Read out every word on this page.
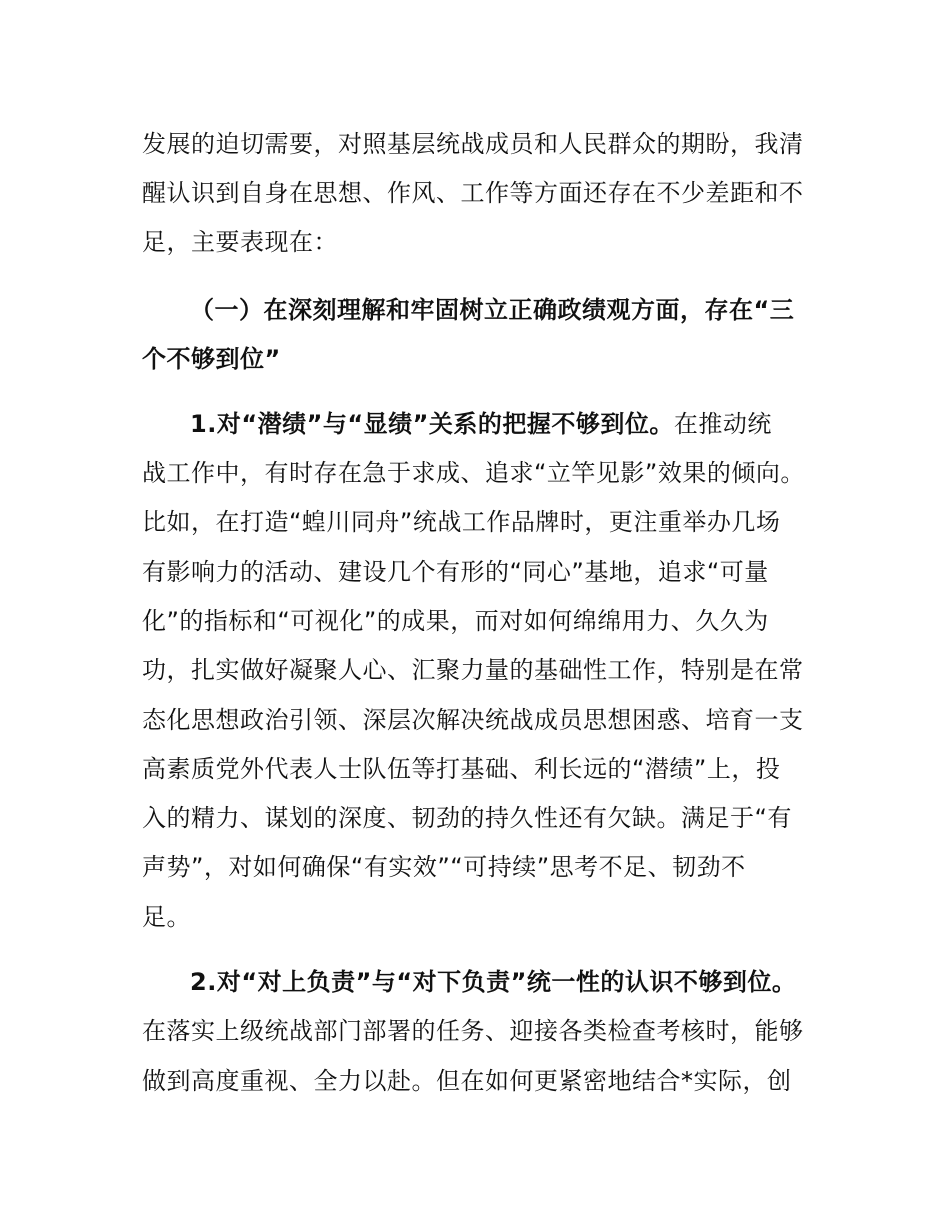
发展的迫切需要，对照基层统战成员和人民群众的期盼，我清
醒认识到自身在思想、作风、工作等方面还存在不少差距和不
足，主要表现在：
（一）在深刻理解和牢固树立正确政绩观方面，存在“三
个不够到位”
1.对“潜绩”与“显绩”关系的把握不够到位。在推动统
战工作中，有时存在急于求成、追求“立竿见影”效果的倾向。
比如，在打造“蝗川同舟”统战工作品牌时，更注重举办几场
有影响力的活动、建设几个有形的“同心”基地，追求“可量
化”的指标和“可视化”的成果，而对如何绵绵用力、久久为
功，扎实做好凝聚人心、汇聚力量的基础性工作，特别是在常
态化思想政治引领、深层次解决统战成员思想困惑、培育一支
高素质党外代表人士队伍等打基础、利长远的“潜绩”上，投
入的精力、谋划的深度、韧劲的持久性还有欠缺。满足于“有
声势”，对如何确保“有实效”“可持续”思考不足、韧劲不
足。
2.对“对上负责”与“对下负责”统一性的认识不够到位。
在落实上级统战部门部署的任务、迎接各类检查考核时，能够
做到高度重视、全力以赴。但在如何更紧密地结合*实际，创
